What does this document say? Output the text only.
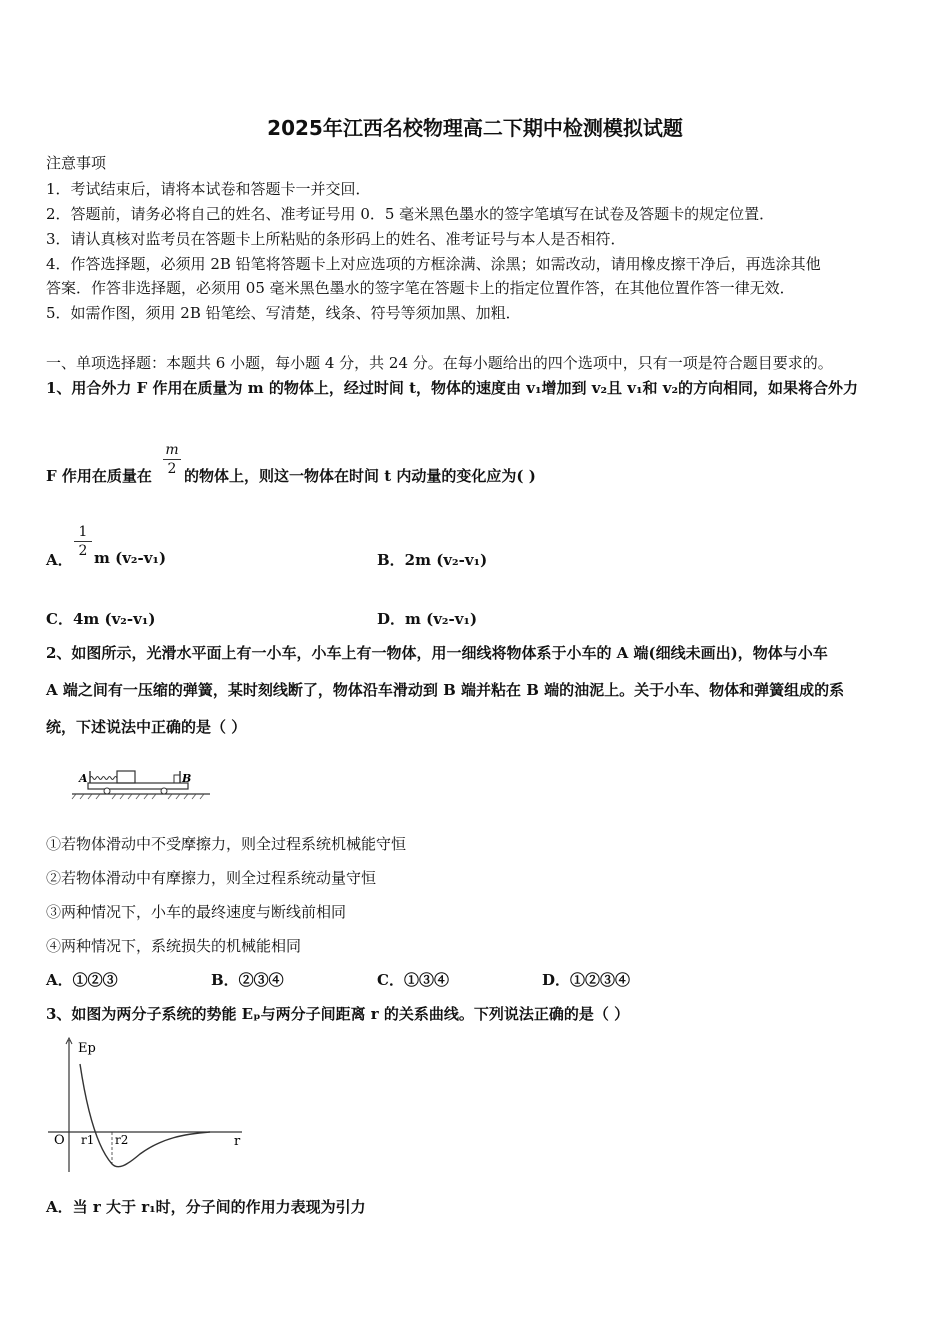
2025年江西名校物理高二下期中检测模拟试题
注意事项
1．考试结束后，请将本试卷和答题卡一并交回．
2．答题前，请务必将自己的姓名、准考证号用 0．5 毫米黑色墨水的签字笔填写在试卷及答题卡的规定位置．
3．请认真核对监考员在答题卡上所粘贴的条形码上的姓名、准考证号与本人是否相符．
4．作答选择题，必须用 2B 铅笔将答题卡上对应选项的方框涂满、涂黑；如需改动，请用橡皮擦干净后，再选涂其他
答案．作答非选择题，必须用 05 毫米黑色墨水的签字笔在答题卡上的指定位置作答，在其他位置作答一律无效．
5．如需作图，须用 2B 铅笔绘、写清楚，线条、符号等须加黑、加粗．
一、单项选择题：本题共 6 小题，每小题 4 分，共 24 分。在每小题给出的四个选项中，只有一项是符合题目要求的。
1、用合外力 F 作用在质量为 m 的物体上，经过时间 t，物体的速度由 v₁增加到 v₂且 v₁和 v₂的方向相同，如果将合外力
F 作用在质量在
m
2 的物体上，则这一物体在时间 t 内动量的变化应为( )
A．
1
2 m (v₂-v₁)	B．2m (v₂-v₁)
C．4m (v₂-v₁)	D．m (v₂-v₁)
2、如图所示，光滑水平面上有一小车，小车上有一物体，用一细线将物体系于小车的 A 端(细线未画出)，物体与小车
A 端之间有一压缩的弹簧，某时刻线断了，物体沿车滑动到 B 端并粘在 B 端的油泥上。关于小车、物体和弹簧组成的系
统，下述说法中正确的是（ ）
A	B
①若物体滑动中不受摩擦力，则全过程系统机械能守恒
②若物体滑动中有摩擦力，则全过程系统动量守恒
③两种情况下，小车的最终速度与断线前相同
④两种情况下，系统损失的机械能相同
A．①②③	B．②③④	C．①③④	D．①②③④
3、如图为两分子系统的势能 Eₚ与两分子间距离 r 的关系曲线。下列说法正确的是（ ）
Ep
O	r
r1 r2
A．当 r 大于 r₁时，分子间的作用力表现为引力
